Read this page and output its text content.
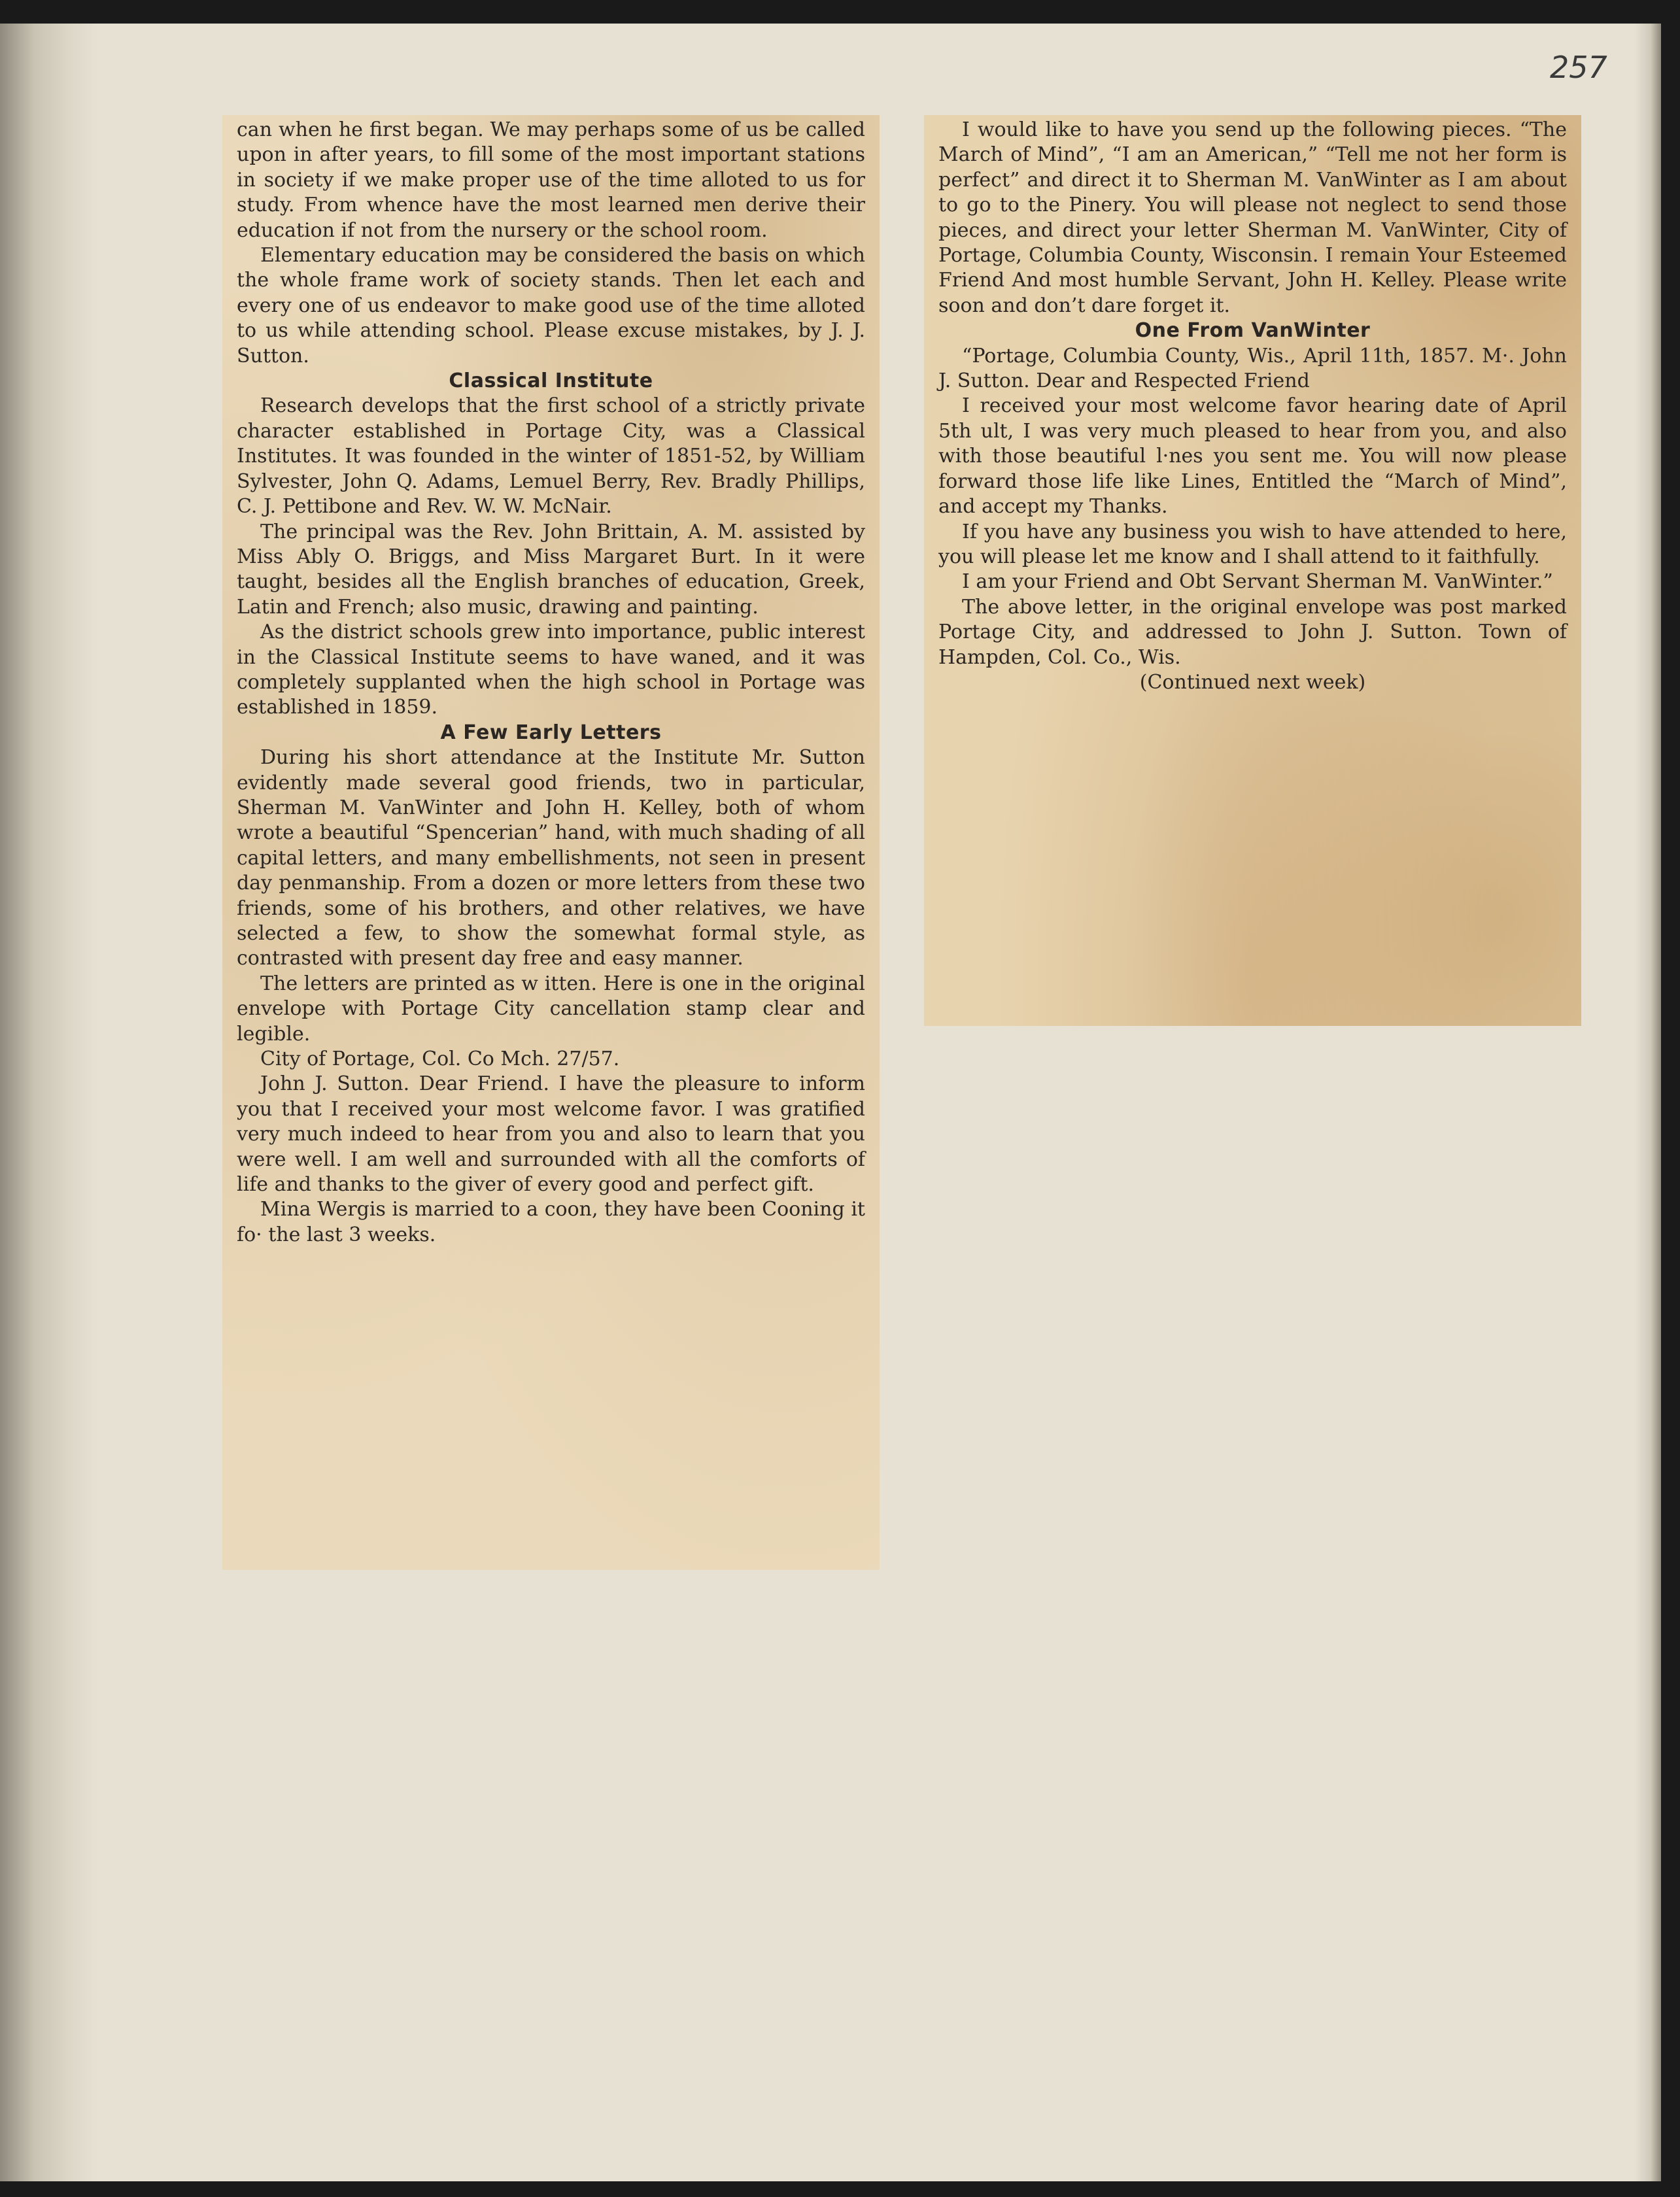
257

can when he first began. We may perhaps some of us be called upon in after years, to fill some of the most important stations in society if we make proper use of the time alloted to us for study. From whence have the most learned men derive their education if not from the nursery or the school room.

Elementary education may be considered the basis on which the whole frame work of society stands. Then let each and every one of us endeavor to make good use of the time alloted to us while attending school. Please excuse mistakes, by J. J. Sutton.

Classical Institute

Research develops that the first school of a strictly private character established in Portage City, was a Classical Institutes. It was founded in the winter of 1851-52, by William Sylvester, John Q. Adams, Lemuel Berry, Rev. Bradly Phillips, C. J. Pettibone and Rev. W. W. McNair.

The principal was the Rev. John Brittain, A. M. assisted by Miss Ably O. Briggs, and Miss Margaret Burt. In it were taught, besides all the English branches of education, Greek, Latin and French; also music, drawing and painting.

As the district schools grew into importance, public interest in the Classical Institute seems to have waned, and it was completely supplanted when the high school in Portage was established in 1859.

A Few Early Letters

During his short attendance at the Institute Mr. Sutton evidently made several good friends, two in particular, Sherman M. VanWinter and John H. Kelley, both of whom wrote a beautiful “Spencerian” hand, with much shading of all capital letters, and many embellishments, not seen in present day penmanship. From a dozen or more letters from these two friends, some of his brothers, and other relatives, we have selected a few, to show the somewhat formal style, as contrasted with present day free and easy manner.

The letters are printed as w itten. Here is one in the original envelope with Portage City cancellation stamp clear and legible.

City of Portage, Col. Co Mch. 27/57.

John J. Sutton. Dear Friend. I have the pleasure to inform you that I received your most welcome favor. I was gratified very much indeed to hear from you and also to learn that you were well. I am well and surrounded with all the comforts of life and thanks to the giver of every good and perfect gift.

Mina Wergis is married to a coon, they have been Cooning it fo· the last 3 weeks.

I would like to have you send up the following pieces. “The March of Mind”, “I am an American,” “Tell me not her form is perfect” and direct it to Sherman M. VanWinter as I am about to go to the Pinery. You will please not neglect to send those pieces, and direct your letter Sherman M. VanWinter, City of Portage, Columbia County, Wisconsin. I remain Your Esteemed Friend And most humble Servant, John H. Kelley. Please write soon and don’t dare forget it.

One From VanWinter

“Portage, Columbia County, Wis., April 11th, 1857. M·. John J. Sutton. Dear and Respected Friend

I received your most welcome favor hearing date of April 5th ult, I was very much pleased to hear from you, and also with those beautiful l·nes you sent me. You will now please forward those life like Lines, Entitled the “March of Mind”, and accept my Thanks.

If you have any business you wish to have attended to here, you will please let me know and I shall attend to it faithfully.

I am your Friend and Obt Servant Sherman M. VanWinter.”

The above letter, in the original envelope was post marked Portage City, and addressed to John J. Sutton. Town of Hampden, Col. Co., Wis.

(Continued next week)
